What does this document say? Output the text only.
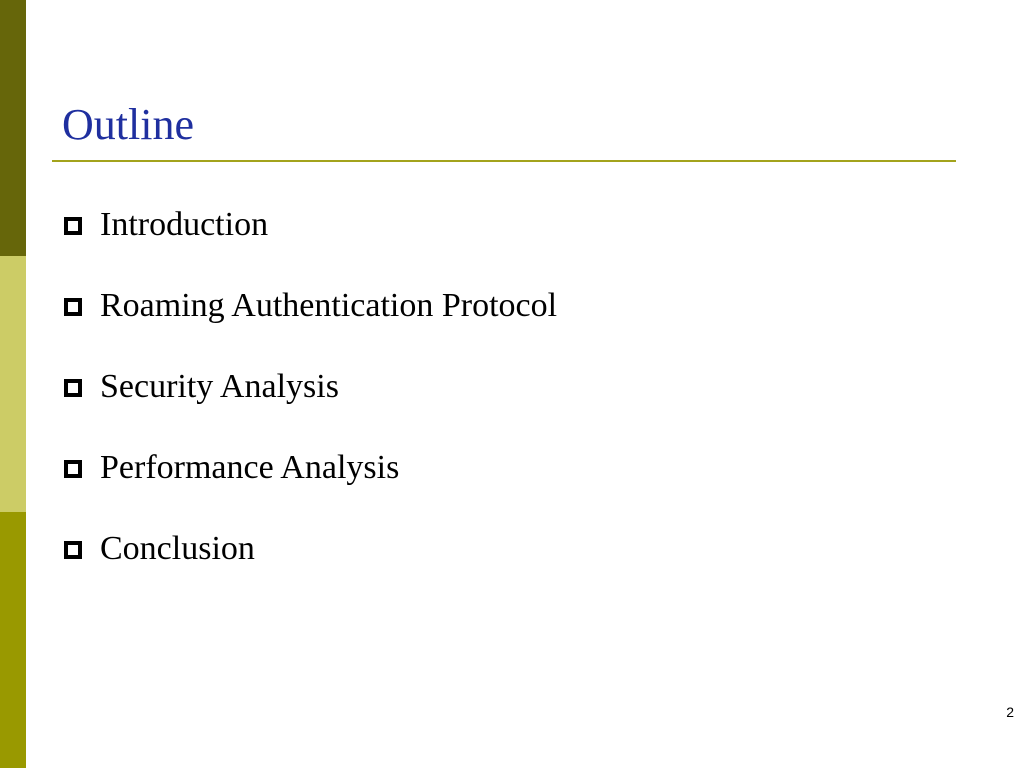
Outline
Introduction
Roaming Authentication Protocol
Security Analysis
Performance Analysis
Conclusion
2
